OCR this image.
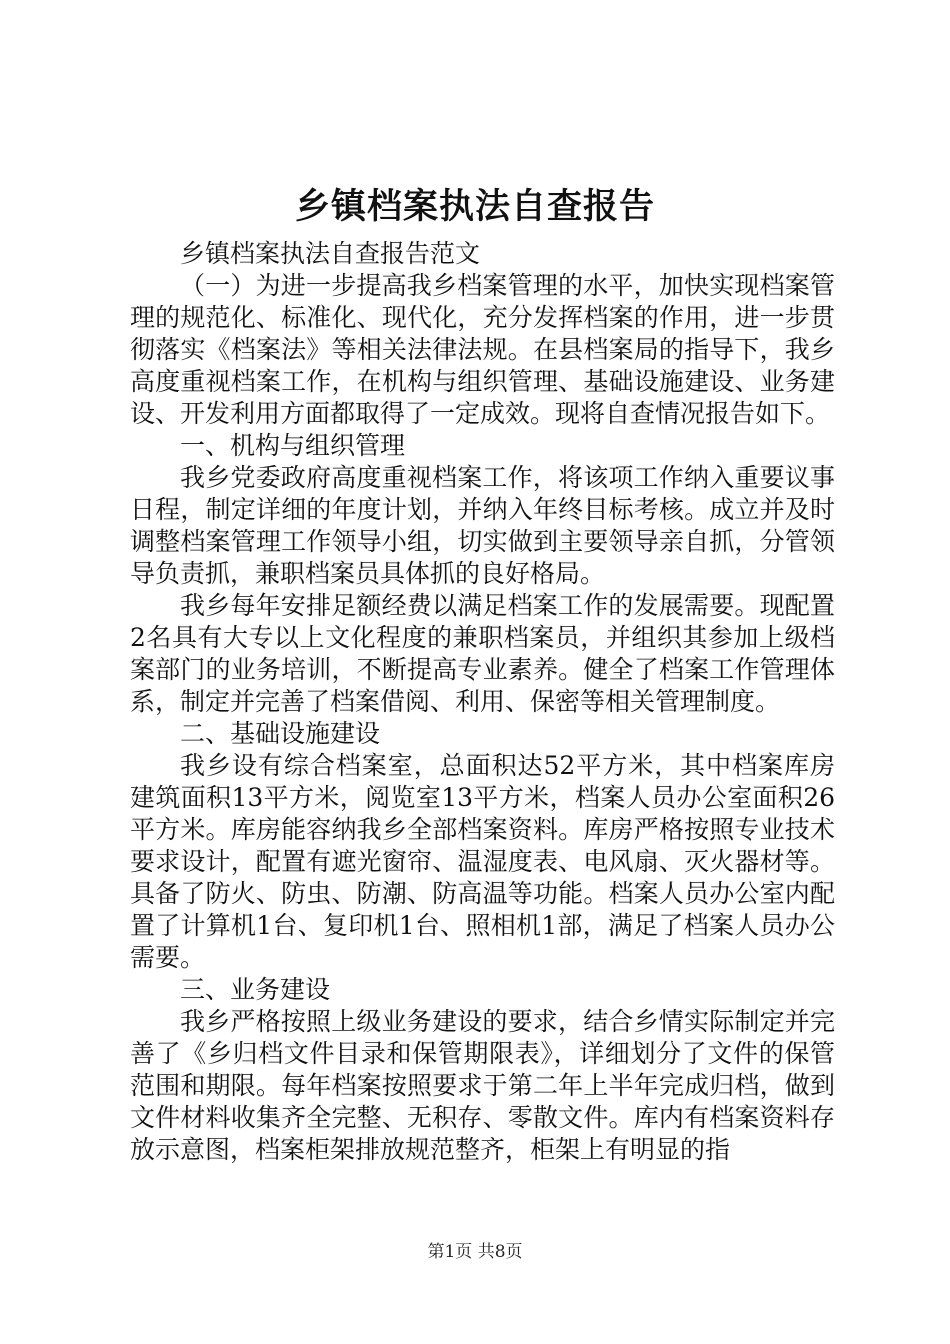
乡镇档案执法自查报告

乡镇档案执法自查报告范文

（一）为进一步提高我乡档案管理的水平，加快实现档案管理的规范化、标准化、现代化，充分发挥档案的作用，进一步贯彻落实《档案法》等相关法律法规。在县档案局的指导下，我乡高度重视档案工作，在机构与组织管理、基础设施建设、业务建设、开发利用方面都取得了一定成效。现将自查情况报告如下。

一、机构与组织管理

我乡党委政府高度重视档案工作，将该项工作纳入重要议事日程，制定详细的年度计划，并纳入年终目标考核。成立并及时调整档案管理工作领导小组，切实做到主要领导亲自抓，分管领导负责抓，兼职档案员具体抓的良好格局。

我乡每年安排足额经费以满足档案工作的发展需要。现配置2名具有大专以上文化程度的兼职档案员，并组织其参加上级档案部门的业务培训，不断提高专业素养。健全了档案工作管理体系，制定并完善了档案借阅、利用、保密等相关管理制度。

二、基础设施建设

我乡设有综合档案室，总面积达52平方米，其中档案库房建筑面积13平方米，阅览室13平方米，档案人员办公室面积26平方米。库房能容纳我乡全部档案资料。库房严格按照专业技术要求设计，配置有遮光窗帘、温湿度表、电风扇、灭火器材等。具备了防火、防虫、防潮、防高温等功能。档案人员办公室内配置了计算机1台、复印机1台、照相机1部，满足了档案人员办公需要。

三、业务建设

我乡严格按照上级业务建设的要求，结合乡情实际制定并完善了《乡归档文件目录和保管期限表》，详细划分了文件的保管范围和期限。每年档案按照要求于第二年上半年完成归档，做到文件材料收集齐全完整、无积存、零散文件。库内有档案资料存放示意图，档案柜架排放规范整齐，柜架上有明显的指

第1页 共8页
